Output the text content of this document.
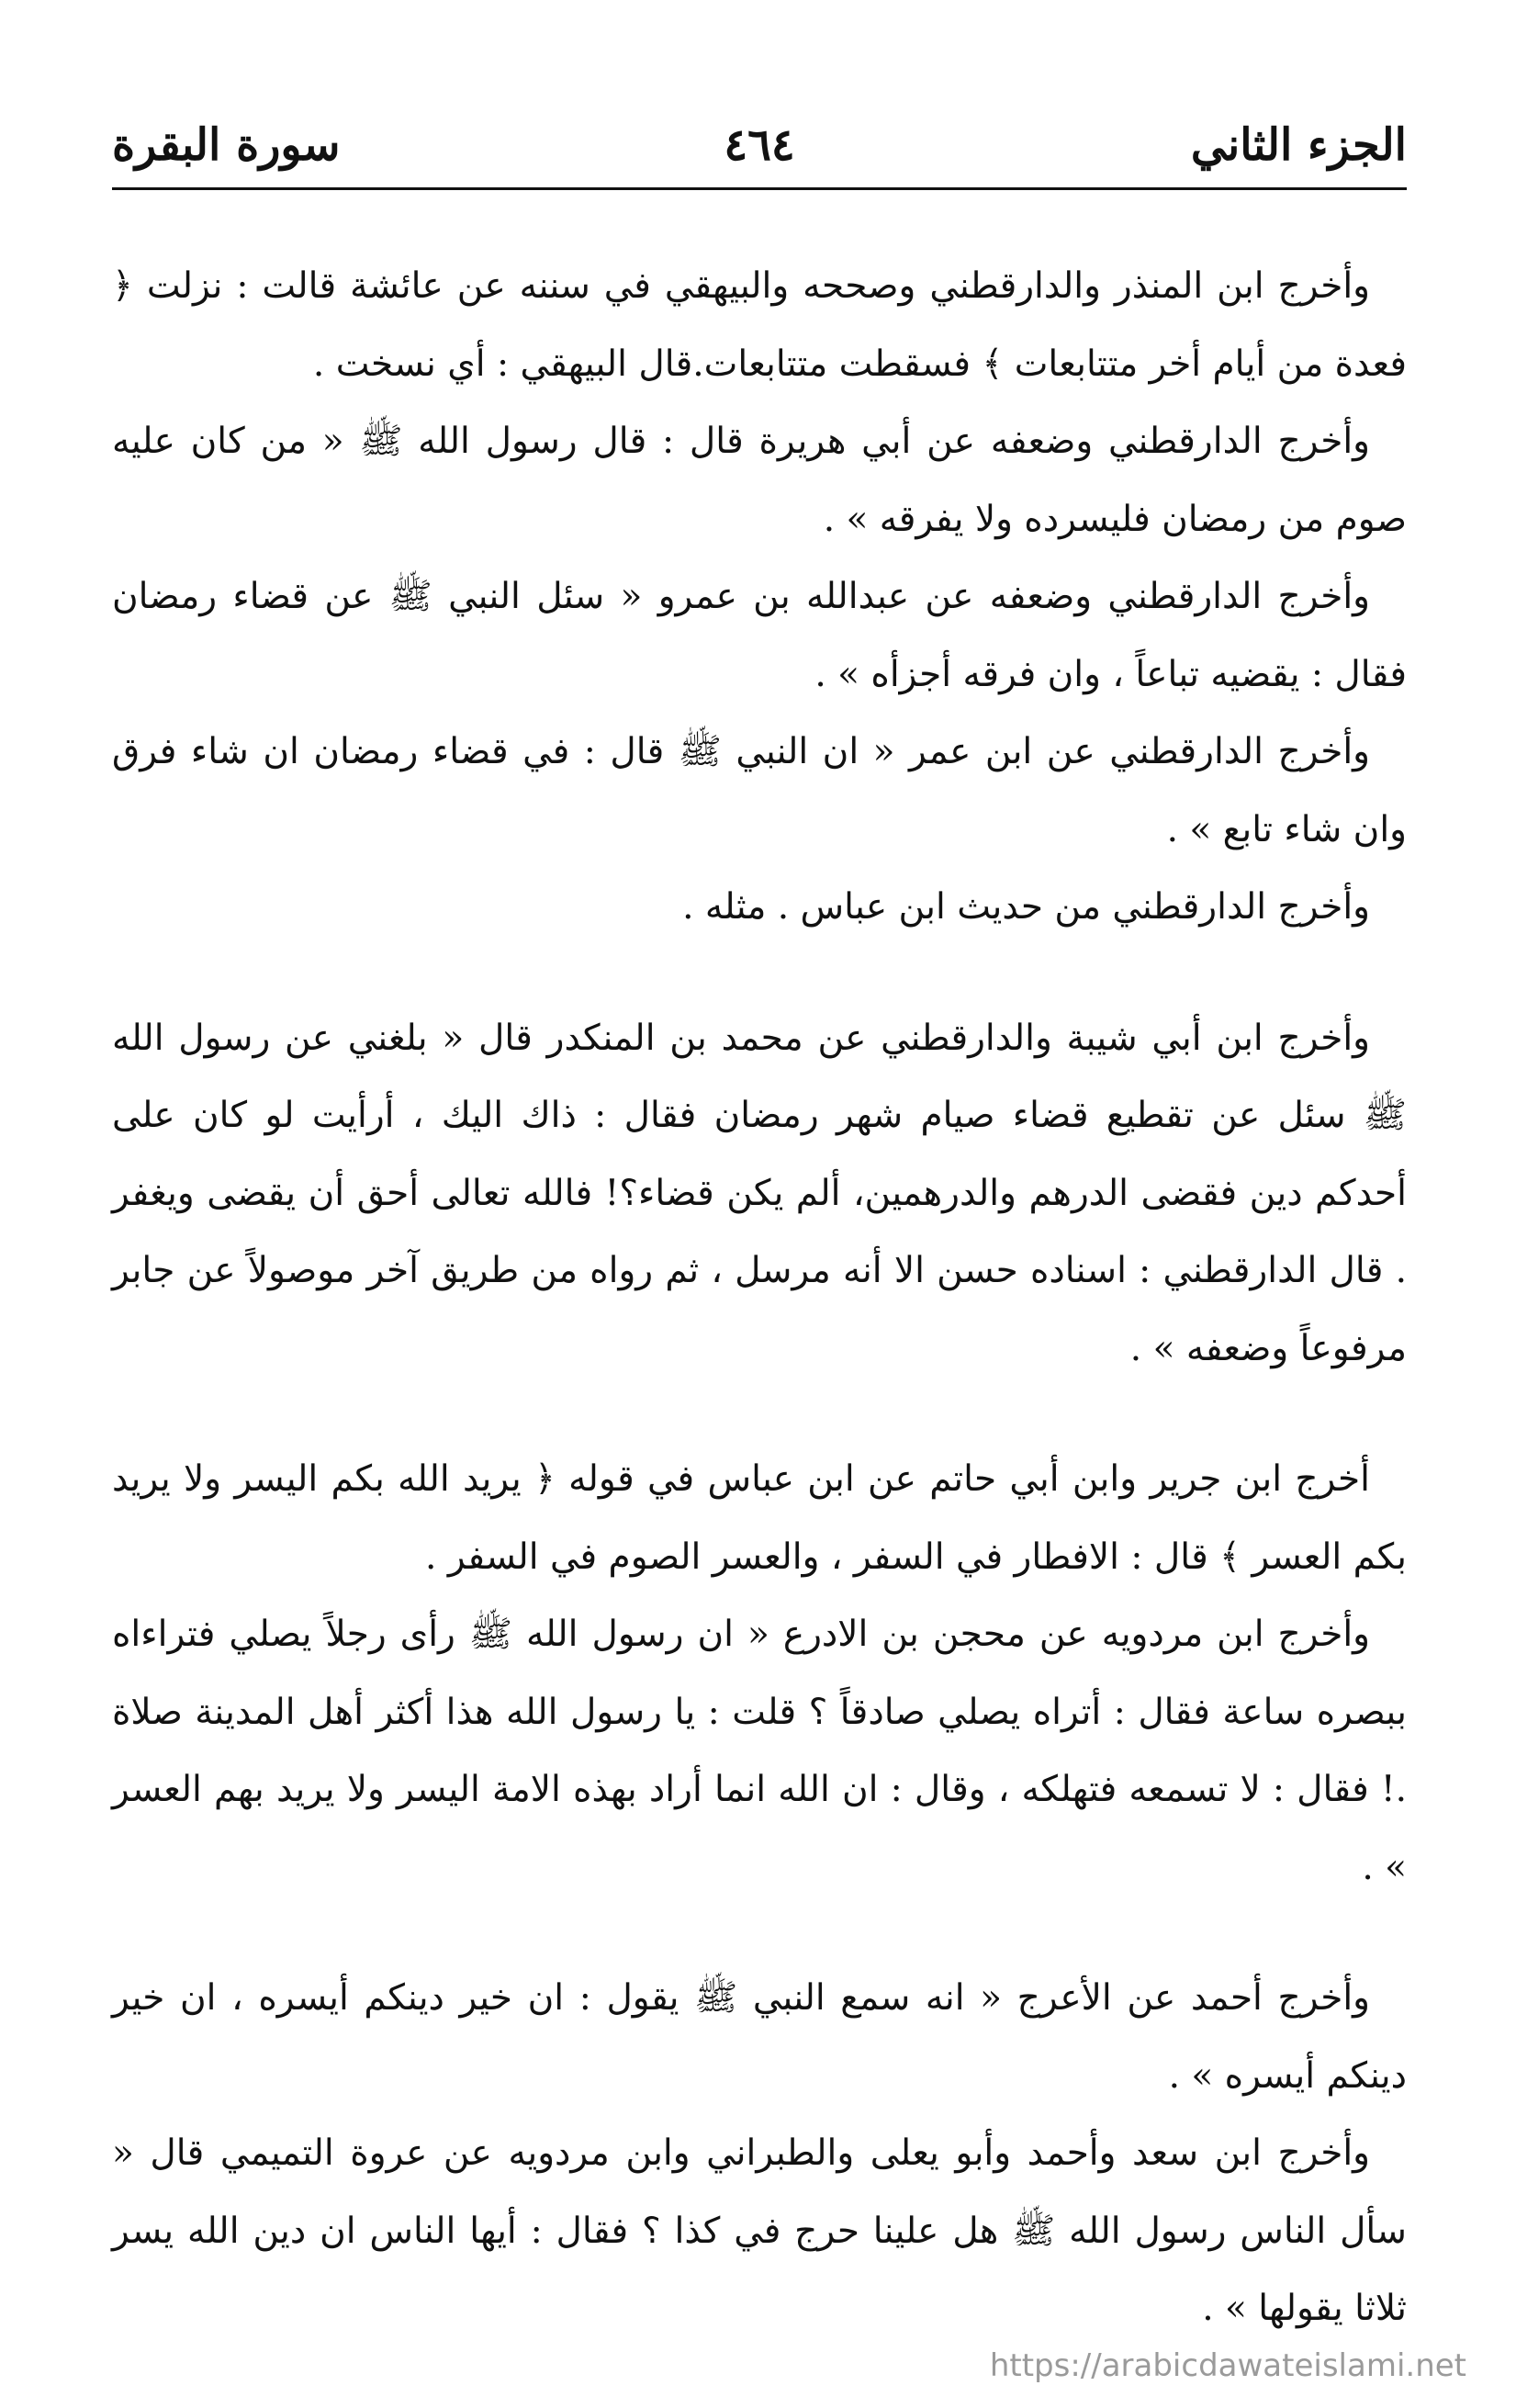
الجزء الثاني
٤٦٤
سورة البقرة

وأخرج ابن المنذر والدارقطني وصححه والبيهقي في سننه عن عائشة قالت : نزلت ﴿ فعدة من أيام أخر متتابعات ﴾ فسقطت متتابعات.قال البيهقي : أي نسخت .

وأخرج الدارقطني وضعفه عن أبي هريرة قال : قال رسول الله ﷺ « من كان عليه صوم من رمضان فليسرده ولا يفرقه » .

وأخرج الدارقطني وضعفه عن عبدالله بن عمرو « سئل النبي ﷺ عن قضاء رمضان فقال : يقضيه تباعاً ، وان فرقه أجزأه » .

وأخرج الدارقطني عن ابن عمر « ان النبي ﷺ قال : في قضاء رمضان ان شاء فرق وان شاء تابع » .

وأخرج الدارقطني من حديث ابن عباس . مثله .

وأخرج ابن أبي شيبة والدارقطني عن محمد بن المنكدر قال « بلغني عن رسول الله ﷺ سئل عن تقطيع قضاء صيام شهر رمضان فقال : ذاك اليك ، أرأيت لو كان على أحدكم دين فقضى الدرهم والدرهمين، ألم يكن قضاء؟! فالله تعالى أحق أن يقضى ويغفر . قال الدارقطني : اسناده حسن الا أنه مرسل ، ثم رواه من طريق آخر موصولاً عن جابر مرفوعاً وضعفه » .

أخرج ابن جرير وابن أبي حاتم عن ابن عباس في قوله ﴿ يريد الله بكم اليسر ولا يريد بكم العسر ﴾ قال : الافطار في السفر ، والعسر الصوم في السفر .

وأخرج ابن مردويه عن محجن بن الادرع « ان رسول الله ﷺ رأى رجلاً يصلي فتراءاه ببصره ساعة فقال : أتراه يصلي صادقاً ؟ قلت : يا رسول الله هذا أكثر أهل المدينة صلاة .! فقال : لا تسمعه فتهلكه ، وقال : ان الله انما أراد بهذه الامة اليسر ولا يريد بهم العسر » .

وأخرج أحمد عن الأعرج « انه سمع النبي ﷺ يقول : ان خير دينكم أيسره ، ان خير دينكم أيسره » .

وأخرج ابن سعد وأحمد وأبو يعلى والطبراني وابن مردويه عن عروة التميمي قال « سأل الناس رسول الله ﷺ هل علينا حرج في كذا ؟ فقال : أيها الناس ان دين الله يسر ثلاثا يقولها » .

https://arabicdawateislami.net
